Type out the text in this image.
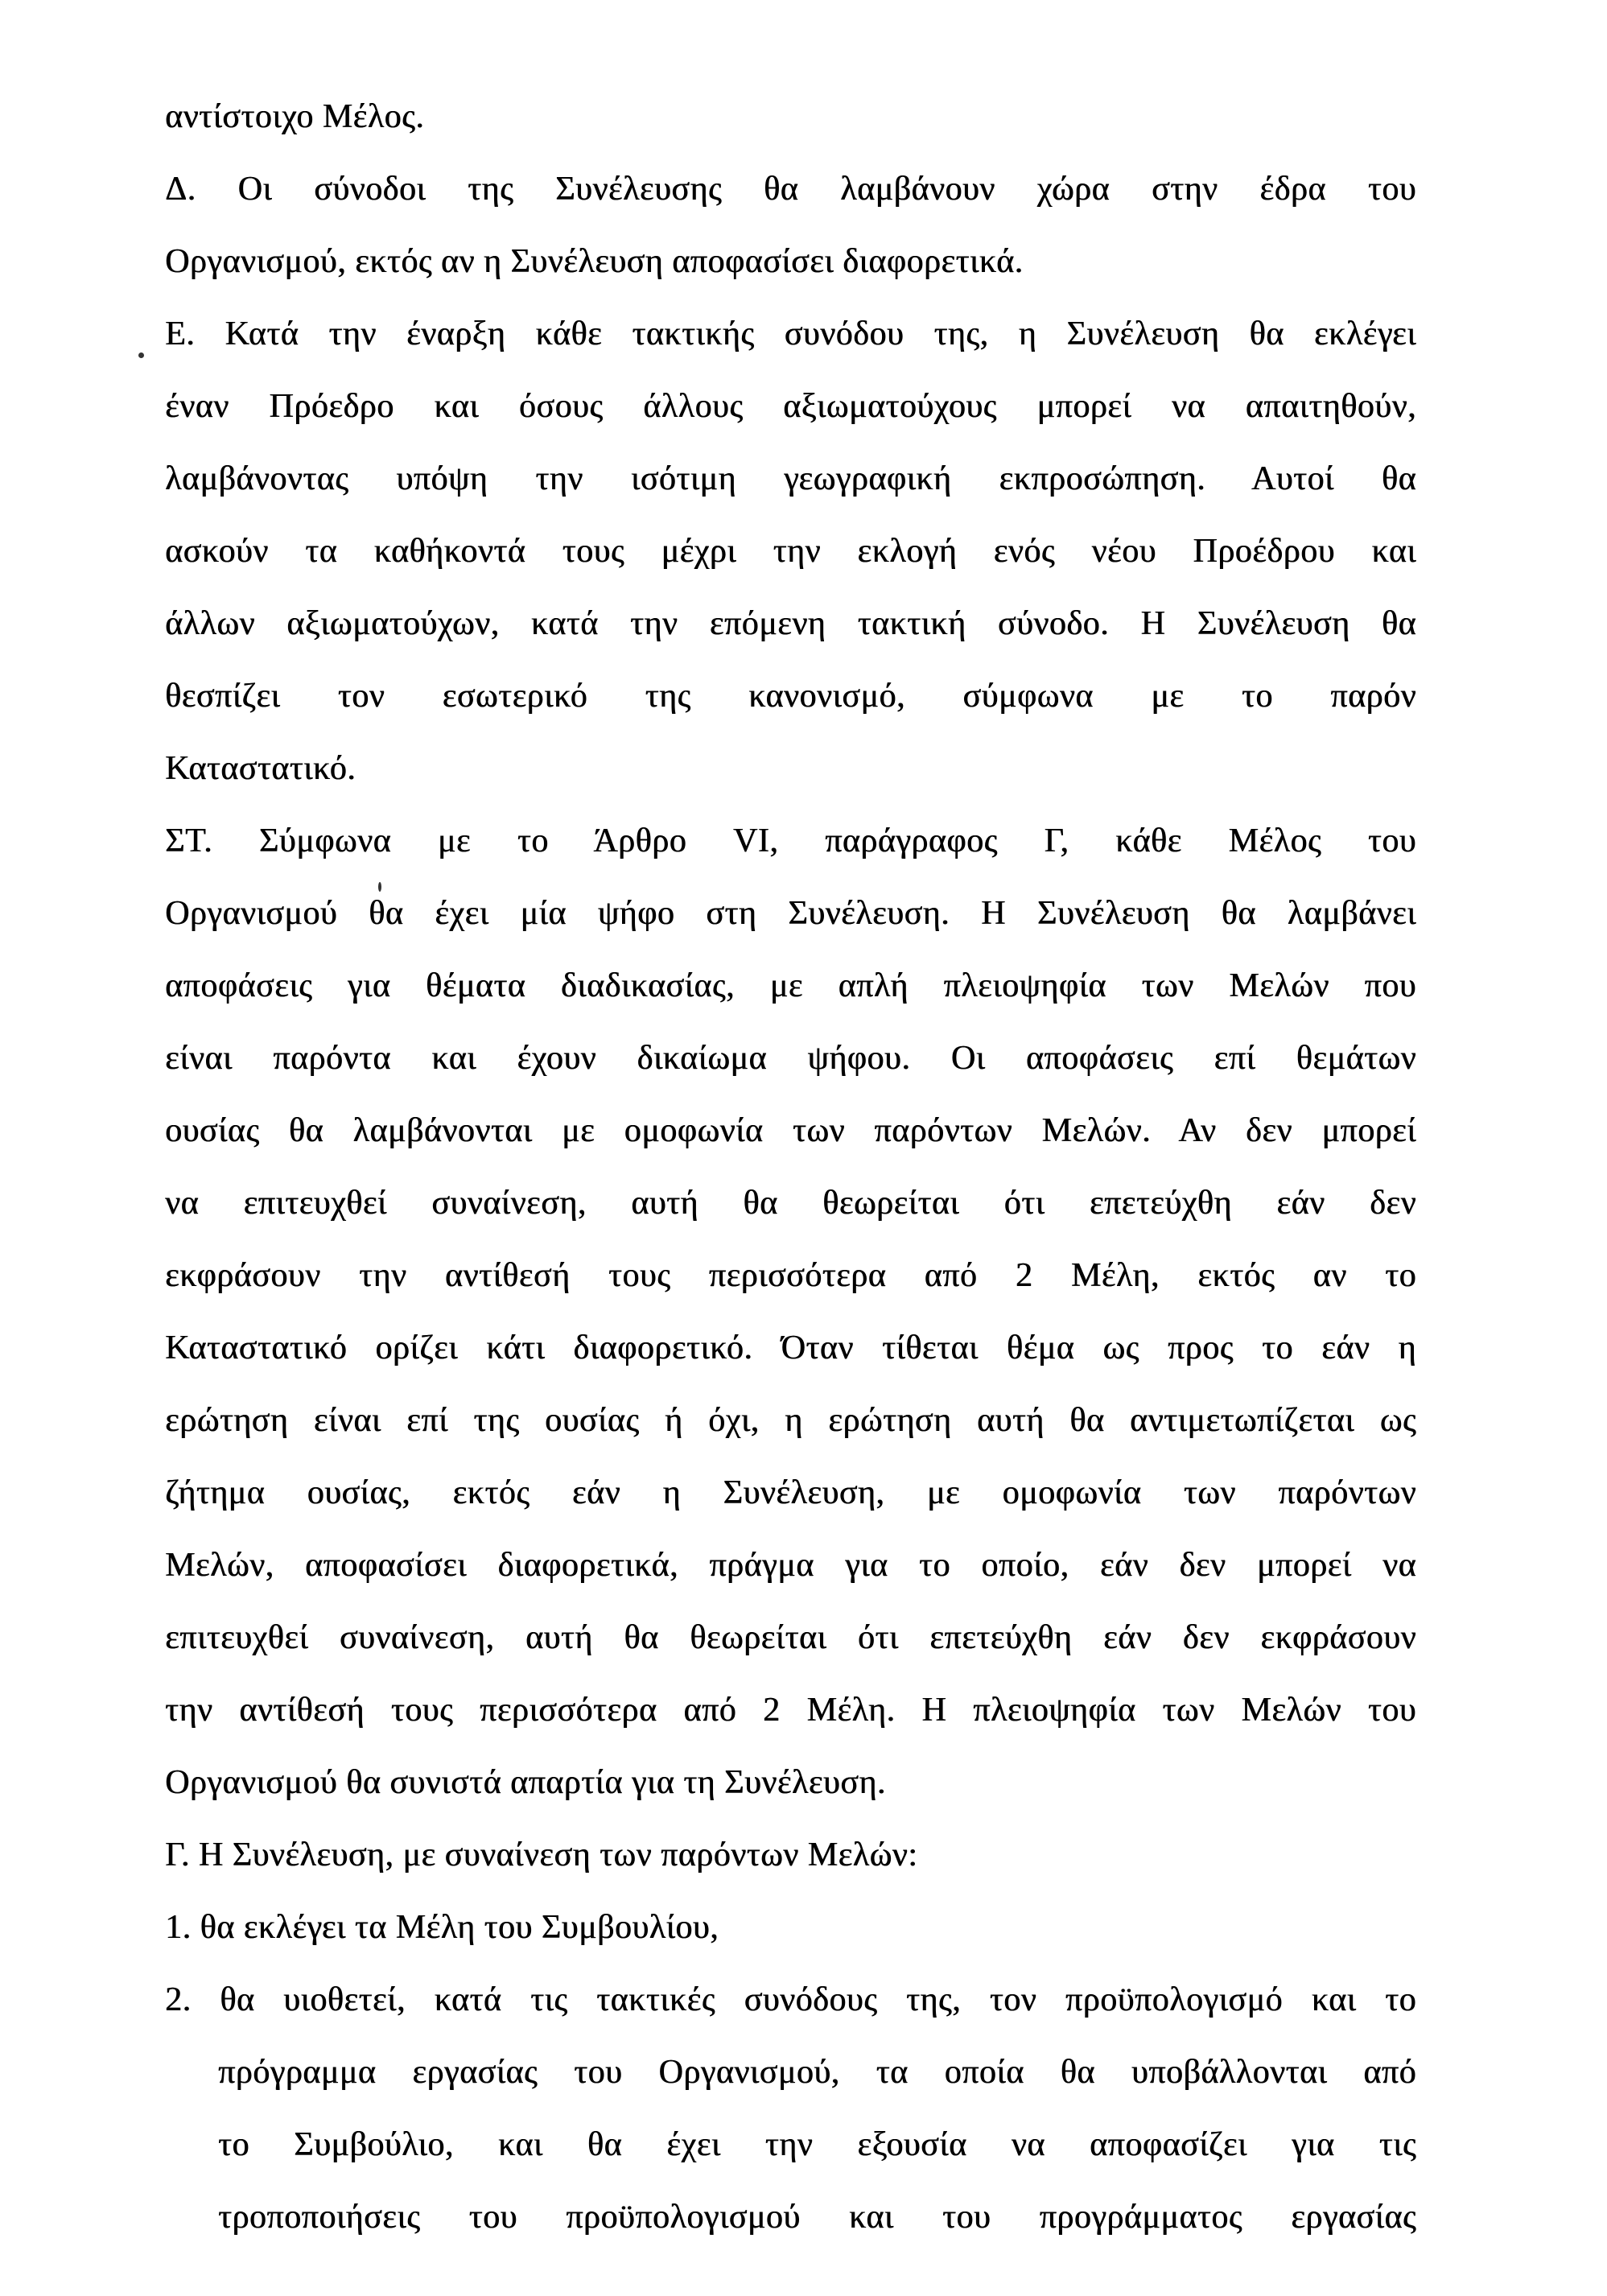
αντίστοιχο Μέλος.
Δ. Οι σύνοδοι της Συνέλευσης θα λαμβάνουν χώρα στην έδρα του
Οργανισμού, εκτός αν η Συνέλευση αποφασίσει διαφορετικά.
Ε. Κατά την έναρξη κάθε τακτικής συνόδου της, η Συνέλευση θα εκλέγει
έναν Πρόεδρο και όσους άλλους αξιωματούχους μπορεί να απαιτηθούν,
λαμβάνοντας υπόψη την ισότιμη γεωγραφική εκπροσώπηση. Αυτοί θα
ασκούν τα καθήκοντά τους μέχρι την εκλογή ενός νέου Προέδρου και
άλλων αξιωματούχων, κατά την επόμενη τακτική σύνοδο. Η Συνέλευση θα
θεσπίζει τον εσωτερικό της κανονισμό, σύμφωνα με το παρόν
Καταστατικό.
ΣΤ. Σύμφωνα με το Άρθρο VI, παράγραφος Γ, κάθε Μέλος του
Οργανισμού θα έχει μία ψήφο στη Συνέλευση. Η Συνέλευση θα λαμβάνει
αποφάσεις για θέματα διαδικασίας, με απλή πλειοψηφία των Μελών που
είναι παρόντα και έχουν δικαίωμα ψήφου. Οι αποφάσεις επί θεμάτων
ουσίας θα λαμβάνονται με ομοφωνία των παρόντων Μελών. Αν δεν μπορεί
να επιτευχθεί συναίνεση, αυτή θα θεωρείται ότι επετεύχθη εάν δεν
εκφράσουν την αντίθεσή τους περισσότερα από 2 Μέλη, εκτός αν το
Καταστατικό ορίζει κάτι διαφορετικό. Όταν τίθεται θέμα ως προς το εάν η
ερώτηση είναι επί της ουσίας ή όχι, η ερώτηση αυτή θα αντιμετωπίζεται ως
ζήτημα ουσίας, εκτός εάν η Συνέλευση, με ομοφωνία των παρόντων
Μελών, αποφασίσει διαφορετικά, πράγμα για το οποίο, εάν δεν μπορεί να
επιτευχθεί συναίνεση, αυτή θα θεωρείται ότι επετεύχθη εάν δεν εκφράσουν
την αντίθεσή τους περισσότερα από 2 Μέλη. Η πλειοψηφία των Μελών του
Οργανισμού θα συνιστά απαρτία για τη Συνέλευση.
Γ. Η Συνέλευση, με συναίνεση των παρόντων Μελών:
1. θα εκλέγει τα Μέλη του Συμβουλίου,
2. θα υιοθετεί, κατά τις τακτικές συνόδους της, τον προϋπολογισμό και το
πρόγραμμα εργασίας του Οργανισμού, τα οποία θα υποβάλλονται από
το Συμβούλιο, και θα έχει την εξουσία να αποφασίζει για τις
τροποποιήσεις του προϋπολογισμού και του προγράμματος εργασίας
